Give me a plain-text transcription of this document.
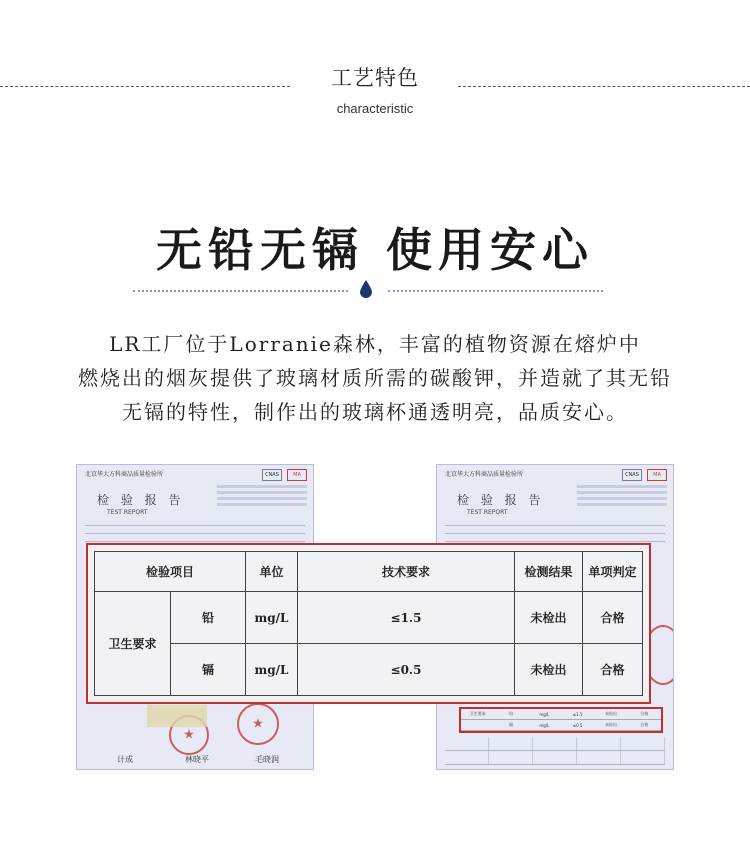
工艺特色
characteristic
无铅无镉 使用安心
LR工厂位于Lorranie森林，丰富的植物资源在熔炉中
燃烧出的烟灰提供了玻璃材质所需的碳酸钾，并造就了其无铅
无镉的特性，制作出的玻璃杯通透明亮，品质安心。
北京华大方科商品质量检验所	CNAS	MA
检 验 报 告
TEST REPORT
★
★
计成	林晓平	毛晓润
北京华大方科商品质量检验所	CNAS	MA
检 验 报 告
TEST REPORT
卫生要求	铅	mg/L	≤1.5	未检出	合格
镉	mg/L	≤0.5	未检出	合格
检验项目		单位	技术要求	检测结果	单项判定
卫生要求	铅	mg/L	≤1.5	未检出	合格
	镉	mg/L	≤0.5	未检出	合格
